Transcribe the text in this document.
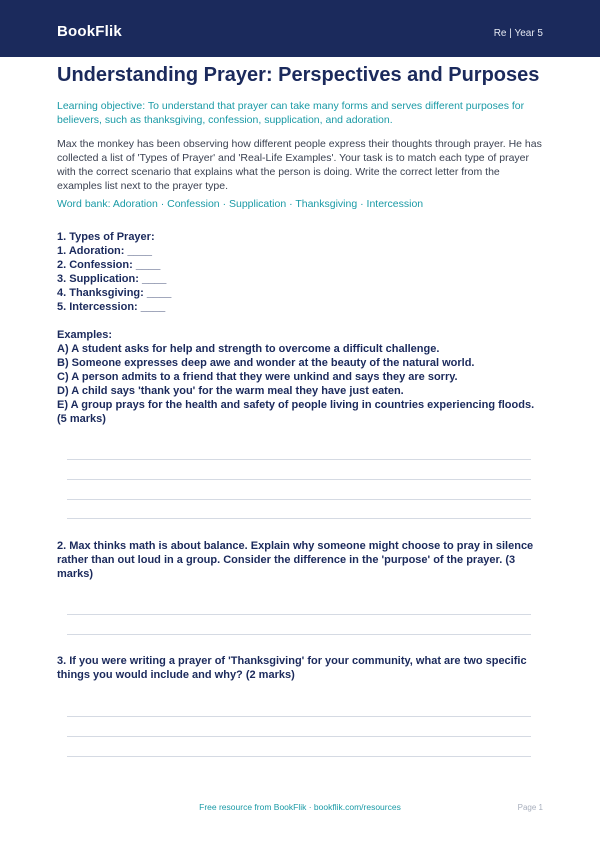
BookFlik	Re | Year 5
Understanding Prayer: Perspectives and Purposes
Learning objective: To understand that prayer can take many forms and serves different purposes for believers, such as thanksgiving, confession, supplication, and adoration.
Max the monkey has been observing how different people express their thoughts through prayer. He has collected a list of 'Types of Prayer' and 'Real-Life Examples'. Your task is to match each type of prayer with the correct scenario that explains what the person is doing. Write the correct letter from the examples list next to the prayer type.
Word bank: Adoration · Confession · Supplication · Thanksgiving · Intercession
1. Types of Prayer:
1. Adoration: ____
2. Confession: ____
3. Supplication: ____
4. Thanksgiving: ____
5. Intercession: ____
Examples:
A) A student asks for help and strength to overcome a difficult challenge.
B) Someone expresses deep awe and wonder at the beauty of the natural world.
C) A person admits to a friend that they were unkind and says they are sorry.
D) A child says 'thank you' for the warm meal they have just eaten.
E) A group prays for the health and safety of people living in countries experiencing floods.
(5 marks)
2. Max thinks math is about balance. Explain why someone might choose to pray in silence rather than out loud in a group. Consider the difference in the 'purpose' of the prayer. (3 marks)
3. If you were writing a prayer of 'Thanksgiving' for your community, what are two specific things you would include and why? (2 marks)
Free resource from BookFlik · bookflik.com/resources	Page 1
